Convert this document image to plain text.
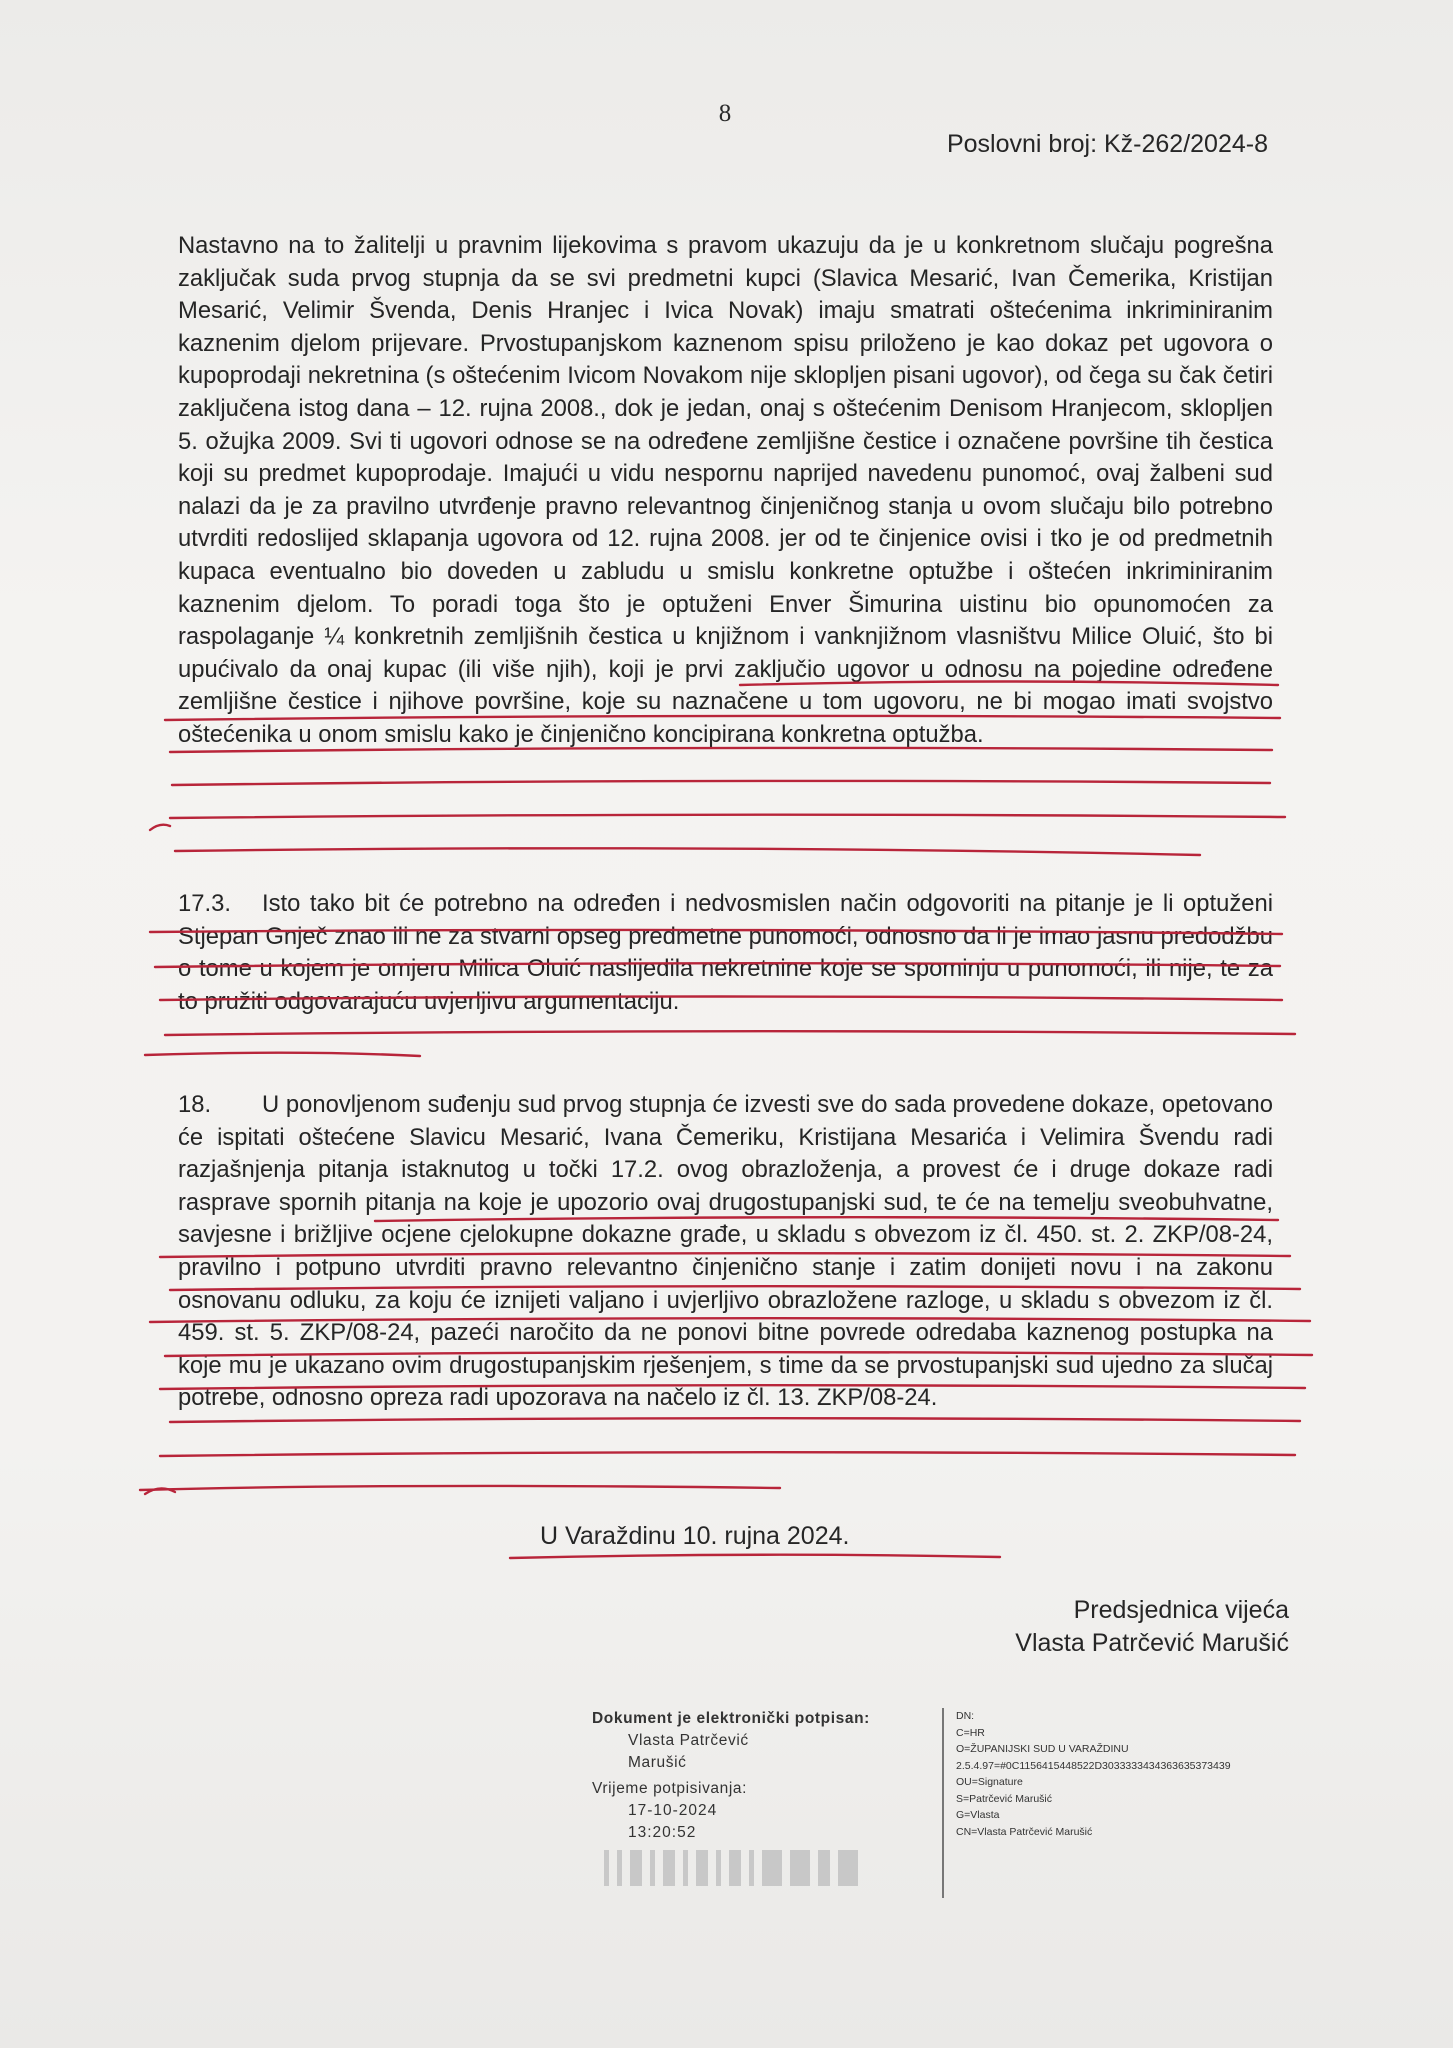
8
Poslovni broj: Kž-262/2024-8

Nastavno na to žalitelji u pravnim lijekovima s pravom ukazuju da je u konkretnom slučaju pogrešna zaključak suda prvog stupnja da se svi predmetni kupci (Slavica Mesarić, Ivan Čemerika, Kristijan Mesarić, Velimir Švenda, Denis Hranjec i Ivica Novak) imaju smatrati oštećenima inkriminiranim kaznenim djelom prijevare. Prvostupanjskom kaznenom spisu priloženo je kao dokaz pet ugovora o kupoprodaji nekretnina (s oštećenim Ivicom Novakom nije sklopljen pisani ugovor), od čega su čak četiri zaključena istog dana – 12. rujna 2008., dok je jedan, onaj s oštećenim Denisom Hranjecom, sklopljen 5. ožujka 2009. Svi ti ugovori odnose se na određene zemljišne čestice i označene površine tih čestica koji su predmet kupoprodaje. Imajući u vidu nespornu naprijed navedenu punomoć, ovaj žalbeni sud nalazi da je za pravilno utvrđenje pravno relevantnog činjeničnog stanja u ovom slučaju bilo potrebno utvrditi redoslijed sklapanja ugovora od 12. rujna 2008. jer od te činjenice ovisi i tko je od predmetnih kupaca eventualno bio doveden u zabludu u smislu konkretne optužbe i oštećen inkriminiranim kaznenim djelom. To poradi toga što je optuženi Enver Šimurina uistinu bio opunomoćen za raspolaganje ¼ konkretnih zemljišnih čestica u knjižnom i vanknjižnom vlasništvu Milice Oluić, što bi upućivalo da onaj kupac (ili više njih), koji je prvi zaključio ugovor u odnosu na pojedine određene zemljišne čestice i njihove površine, koje su naznačene u tom ugovoru, ne bi mogao imati svojstvo oštećenika u onom smislu kako je činjenično koncipirana konkretna optužba.

17.3. Isto tako bit će potrebno na određen i nedvosmislen način odgovoriti na pitanje je li optuženi Stjepan Gnječ znao ili ne za stvarni opseg predmetne punomoći, odnosno da li je imao jasnu predodžbu o tome u kojem je omjeru Milica Oluić naslijedila nekretnine koje se spominju u punomoći, ili nije, te za to pružiti odgovarajuću uvjerljivu argumentaciju.

18. U ponovljenom suđenju sud prvog stupnja će izvesti sve do sada provedene dokaze, opetovano će ispitati oštećene Slavicu Mesarić, Ivana Čemeriku, Kristijana Mesarića i Velimira Švendu radi razjašnjenja pitanja istaknutog u točki 17.2. ovog obrazloženja, a provest će i druge dokaze radi rasprave spornih pitanja na koje je upozorio ovaj drugostupanjski sud, te će na temelju sveobuhvatne, savjesne i brižljive ocjene cjelokupne dokazne građe, u skladu s obvezom iz čl. 450. st. 2. ZKP/08-24, pravilno i potpuno utvrditi pravno relevantno činjenično stanje i zatim donijeti novu i na zakonu osnovanu odluku, za koju će iznijeti valjano i uvjerljivo obrazložene razloge, u skladu s obvezom iz čl. 459. st. 5. ZKP/08-24, pazeći naročito da ne ponovi bitne povrede odredaba kaznenog postupka na koje mu je ukazano ovim drugostupanjskim rješenjem, s time da se prvostupanjski sud ujedno za slučaj potrebe, odnosno opreza radi upozorava na načelo iz čl. 13. ZKP/08-24.

U Varaždinu 10. rujna 2024.
Predsjednica vijeća
Vlasta Patrčević Marušić
Dokument je elektronički potpisan:
Vlasta Patrčević
Marušić
Vrijeme potpisivanja:
17-10-2024
13:20:52
DN:
C=HR
O=ŽUPANIJSKI SUD U VARAŽDINU
2.5.4.97=#0C1156415448522D303333343436363537343​9
OU=Signature
S=Patrčević Marušić
G=Vlasta
CN=Vlasta Patrčević Marušić
